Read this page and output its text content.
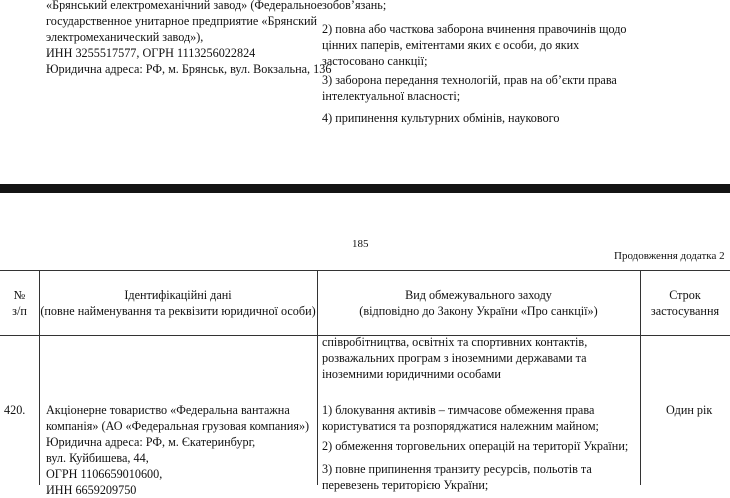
«Брянський електромеханічний завод» (Федеральное

государственное унитарное предприятие «Брянский

электромеханический завод»),

ИНН 3255517577, ОГРН 1113256022824

Юридична адреса: РФ, м. Брянськ, вул. Вокзальна, 136

зобов’язань;

2) повна або часткова заборона вчинення правочинів щодо

цінних паперів, емітентами яких є особи, до яких

застосовано санкції;

3) заборона передання технологій, прав на об’єкти права

інтелектуальної власності;

4) припинення культурних обмінів, наукового

185
Продовження додатка 2
№
з/п
Ідентифікаційні дані
(повне найменування та реквізити юридичної особи)
Вид обмежувального заходу
(відповідно до Закону України «Про санкції»)
Строк
застосування

співробітництва, освітніх та спортивних контактів,

розважальних програм з іноземними державами та

іноземними юридичними особами

420. Акціонерне товариство «Федеральна вантажна

компанія» (АО «Федеральная грузовая компания»)

Юридична адреса: РФ, м. Єкатеринбург,

вул. Куйбишева, 44,

ОГРН 1106659010600,

ИНН 6659209750

1) блокування активів – тимчасове обмеження права

користуватися та розпоряджатися належним майном;

2) обмеження торговельних операцій на території України;

3) повне припинення транзиту ресурсів, польотів та

перевезень територією України;

Один рік
